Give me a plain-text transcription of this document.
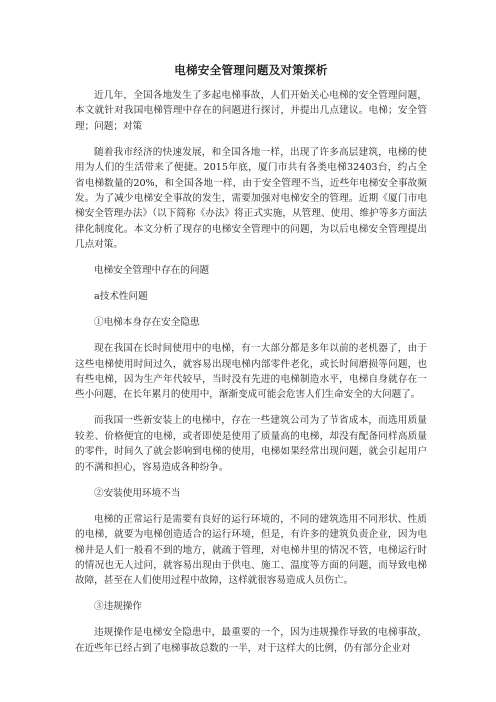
电梯安全管理问题及对策探析

近几年，全国各地发生了多起电梯事故，人们开始关心电梯的安全管理问题，本文就针对我国电梯管理中存在的问题进行探讨，并提出几点建议。电梯；安全管理；问题；对策

随着我市经济的快速发展，和全国各地一样，出现了许多高层建筑，电梯的使用为人们的生活带来了便捷。2015年底，厦门市共有各类电梯32403台，约占全省电梯数量的20%，和全国各地一样，由于安全管理不当，近些年电梯安全事故频发。为了减少电梯安全事故的发生，需要加强对电梯安全的管理。近期《厦门市电梯安全管理办法》（以下简称《办法》将正式实施，从管理、使用、维护等多方面法律化制度化。本文分析了现存的电梯安全管理中的问题，为以后电梯安全管理提出几点对策。

电梯安全管理中存在的问题

a技术性问题

①电梯本身存在安全隐患

现在我国在长时间使用中的电梯，有一大部分都是多年以前的老机器了，由于这些电梯使用时间过久，就容易出现电梯内部零件老化，或长时间磨损等问题，也有些电梯，因为生产年代较早，当时没有先进的电梯制造水平，电梯自身就存在一些小问题，在长年累月的使用中，渐渐变成可能会危害人们生命安全的大问题了。

而我国一些新安装上的电梯中，存在一些建筑公司为了节省成本，而选用质量较差、价格便宜的电梯，或者即使是使用了质量高的电梯，却没有配备同样高质量的零件，时间久了就会影响到电梯的使用，电梯如果经常出现问题，就会引起用户的不满和担心，容易造成各种纷争。

②安装使用环境不当

电梯的正常运行是需要有良好的运行环境的，不同的建筑选用不同形状、性质的电梯，就要为电梯创造适合的运行环境，但是，有许多的建筑负责企业，因为电梯井是人们一般看不到的地方，就疏于管理，对电梯井里的情况不管，电梯运行时的情况也无人过问，就容易出现由于供电、施工、温度等方面的问题，而导致电梯故障，甚至在人们使用过程中故障，这样就很容易造成人员伤亡。

③违规操作

违规操作是电梯安全隐患中，最重要的一个，因为违规操作导致的电梯事故，在近些年已经占到了电梯事故总数的一半，对于这样大的比例，仍有部分企业对
